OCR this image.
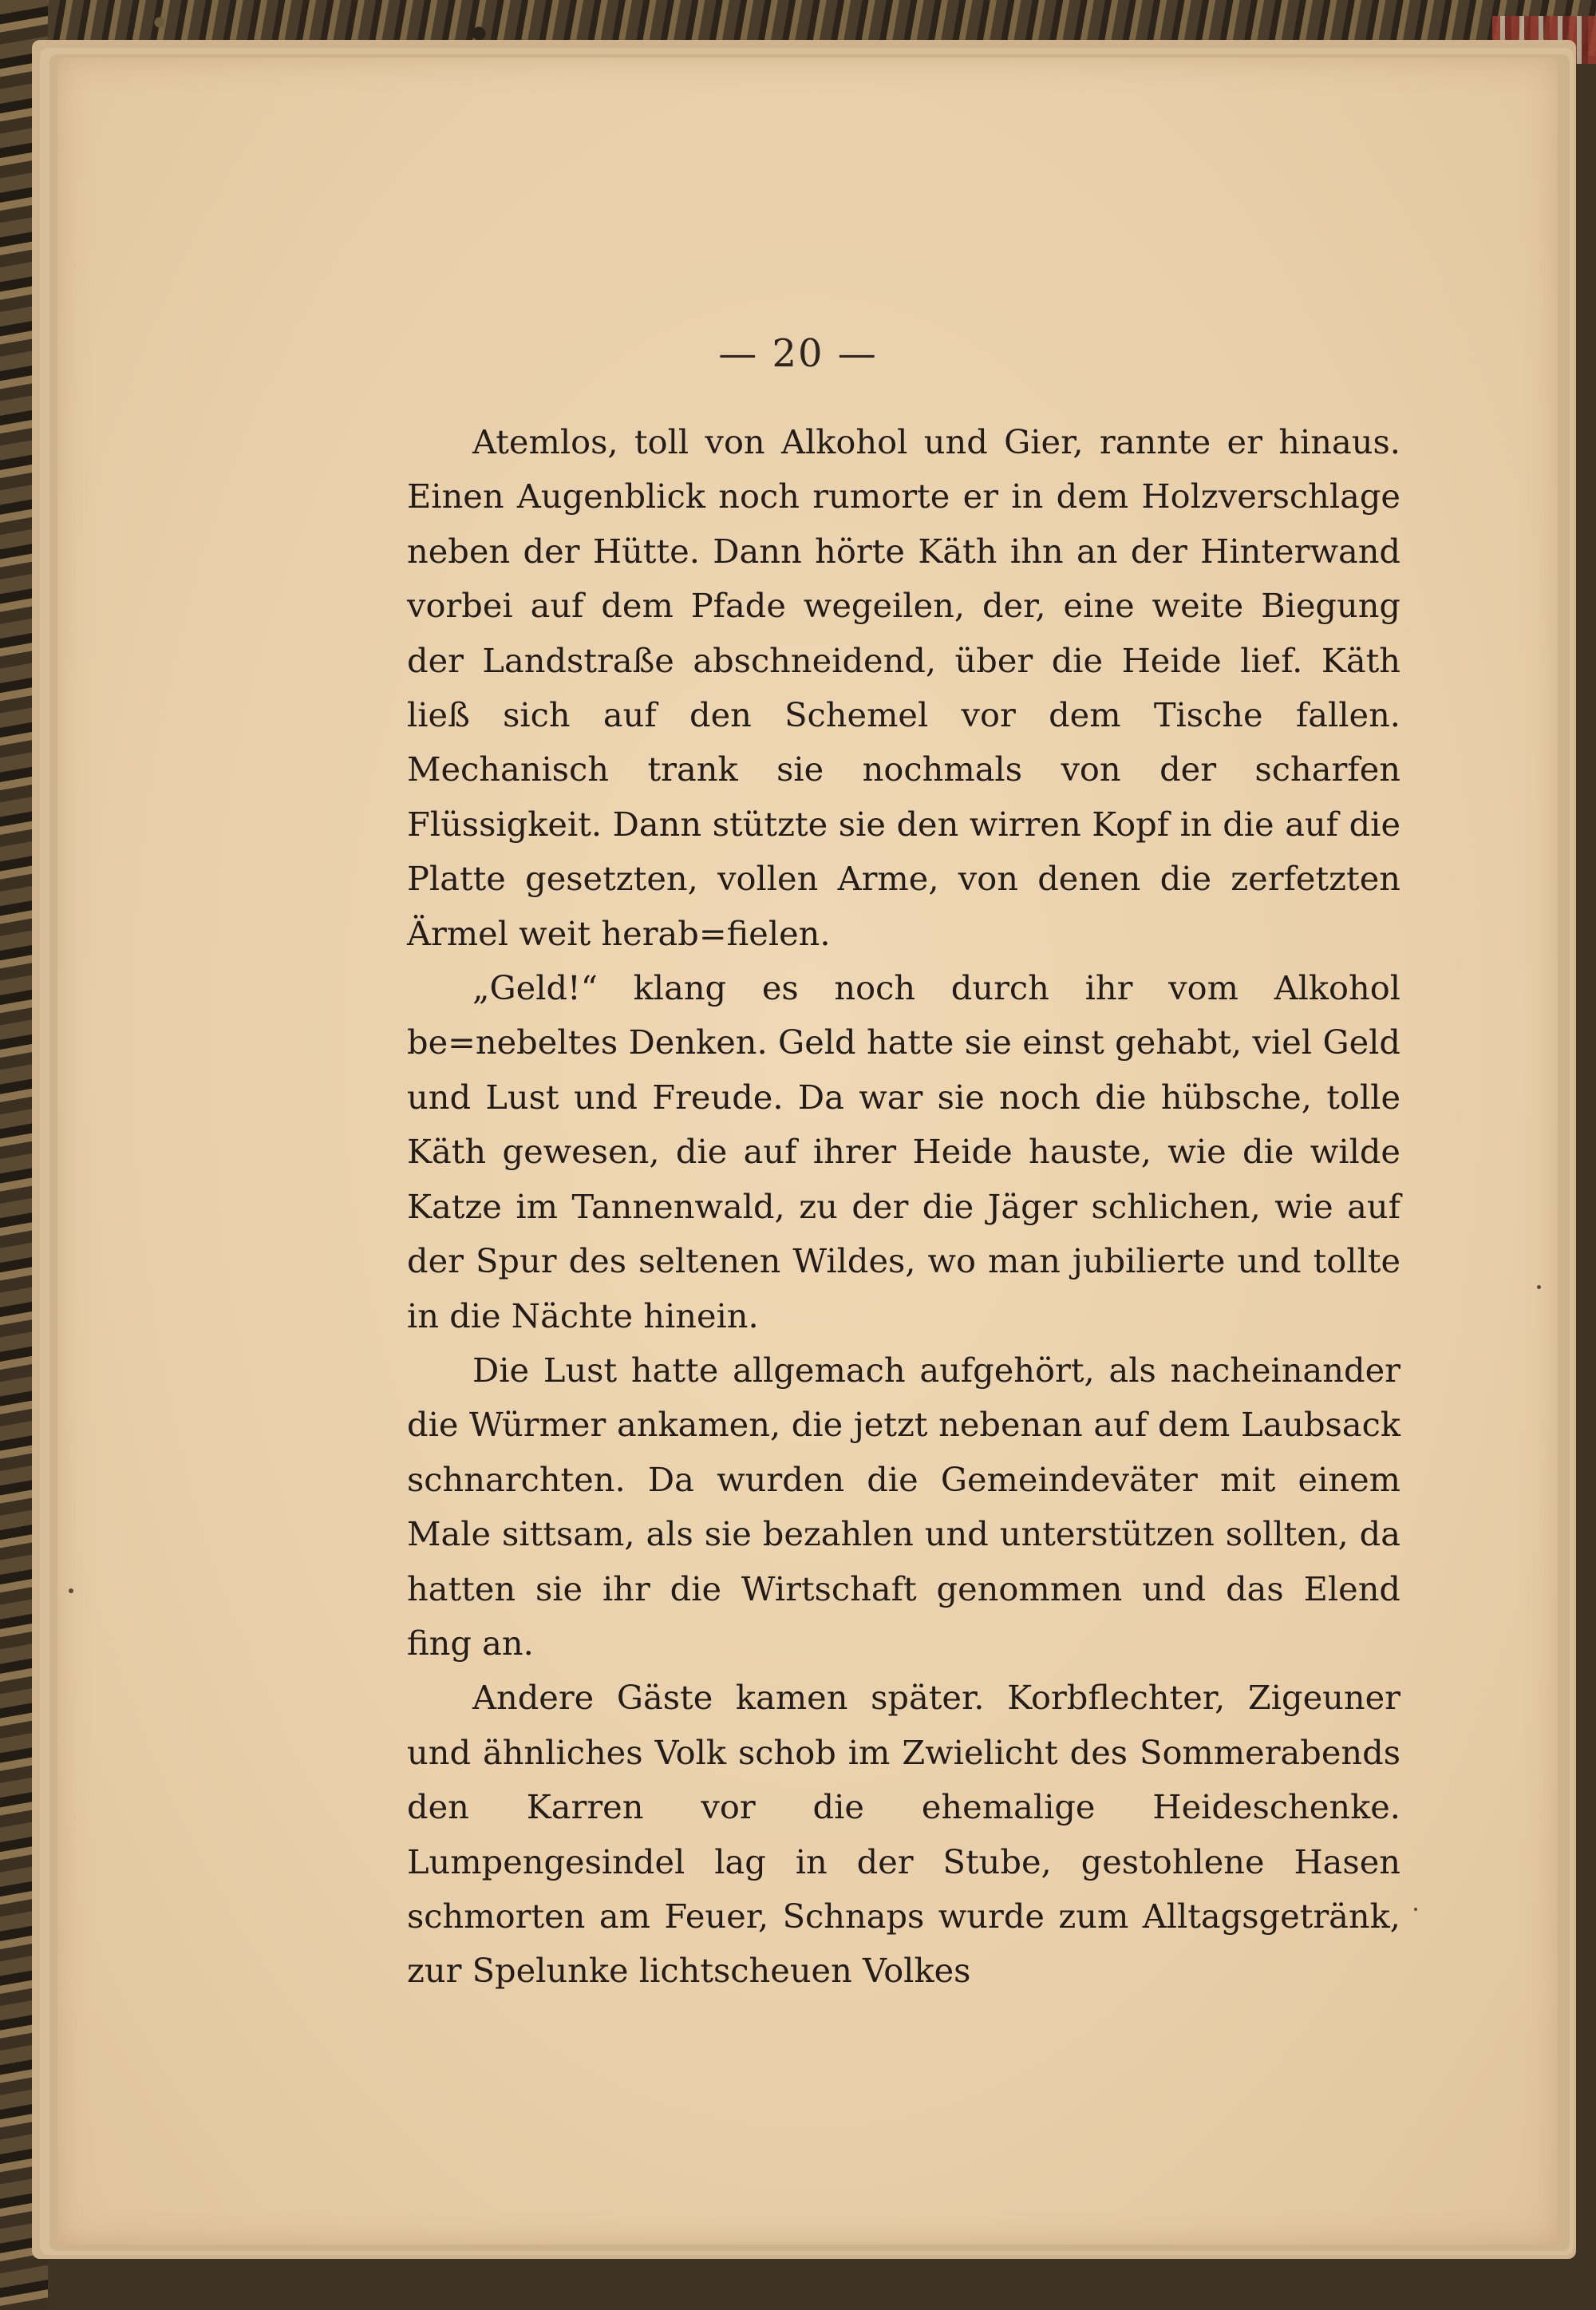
— 20 —

Atemlos, toll von Alkohol und Gier, rannte er hinaus. Einen Augenblick noch rumorte er in dem Holzverschlage neben der Hütte. Dann hörte Käth ihn an der Hinterwand vorbei auf dem Pfade wegeilen, der, eine weite Biegung der Landstraße abschneidend, über die Heide lief. Käth ließ sich auf den Schemel vor dem Tische fallen. Mechanisch trank sie nochmals von der scharfen Flüssigkeit. Dann stützte sie den wirren Kopf in die auf die Platte gesetzten, vollen Arme, von denen die zerfetzten Ärmel weit herab=fielen.

„Geld!“ klang es noch durch ihr vom Alkohol be=nebeltes Denken. Geld hatte sie einst gehabt, viel Geld und Lust und Freude. Da war sie noch die hübsche, tolle Käth gewesen, die auf ihrer Heide hauste, wie die wilde Katze im Tannenwald, zu der die Jäger schlichen, wie auf der Spur des seltenen Wildes, wo man jubilierte und tollte in die Nächte hinein.

Die Lust hatte allgemach aufgehört, als nacheinander die Würmer ankamen, die jetzt nebenan auf dem Laubsack schnarchten. Da wurden die Gemeindeväter mit einem Male sittsam, als sie bezahlen und unterstützen sollten, da hatten sie ihr die Wirtschaft genommen und das Elend fing an.

Andere Gäste kamen später. Korbflechter, Zigeuner und ähnliches Volk schob im Zwielicht des Sommerabends den Karren vor die ehemalige Heideschenke. Lumpengesindel lag in der Stube, gestohlene Hasen schmorten am Feuer, Schnaps wurde zum Alltagsgetränk, zur Spelunke lichtscheuen Volkes
